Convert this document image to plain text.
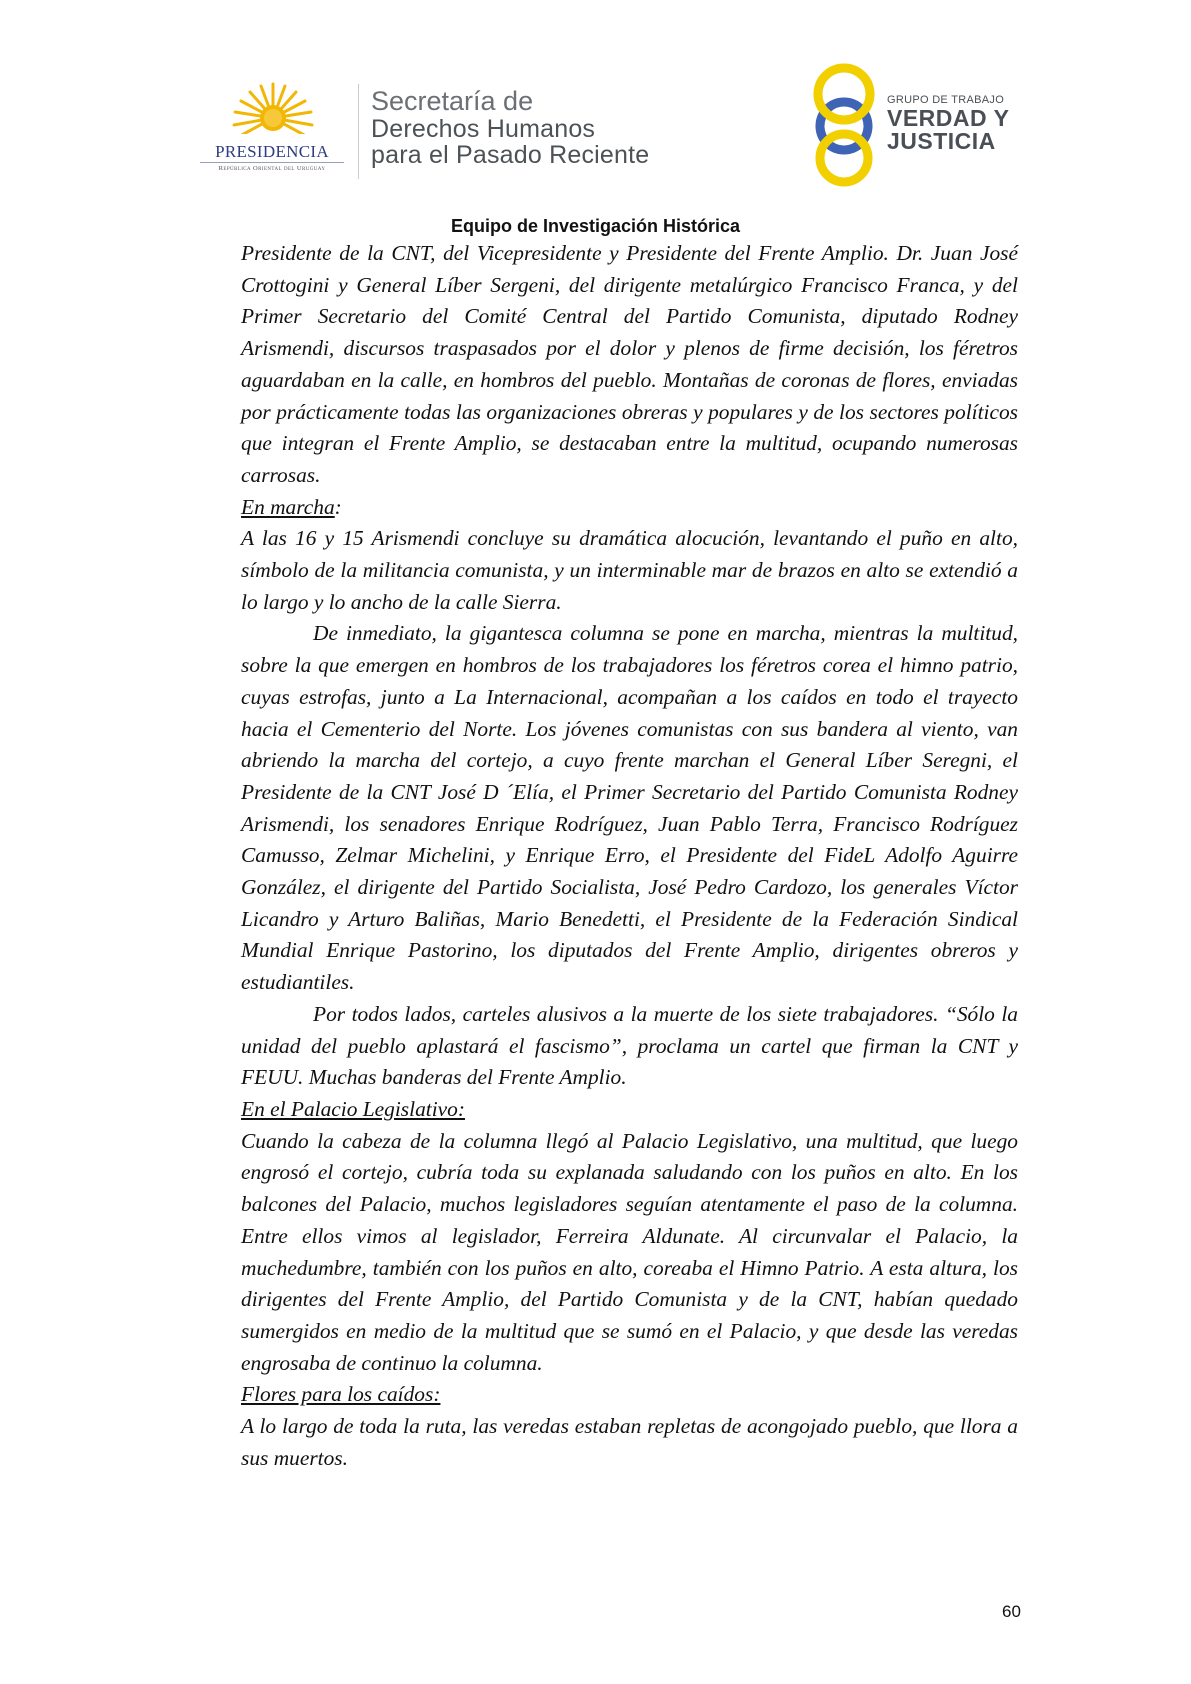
PRESIDENCIA
República Oriental del Uruguay
Secretaría de
Derechos Humanos
para el Pasado Reciente
GRUPO DE TRABAJO
VERDAD Y
JUSTICIA
Equipo de Investigación Histórica

Presidente de la CNT, del Vicepresidente y Presidente del Frente Amplio. Dr. Juan José Crottogini y General Líber Sergeni, del dirigente metalúrgico Francisco Franca, y del Primer Secretario del Comité Central del Partido Comunista, diputado Rodney Arismendi, discursos traspasados por el dolor y plenos de firme decisión, los féretros aguardaban en la calle, en hombros del pueblo. Montañas de coronas de flores, enviadas por prácticamente todas las organizaciones obreras y populares y de los sectores políticos que integran el Frente Amplio, se destacaban entre la multitud, ocupando numerosas carrosas.

En marcha:

A las 16 y 15 Arismendi concluye su dramática alocución, levantando el puño en alto, símbolo de la militancia comunista, y un interminable mar de brazos en alto se extendió a lo largo y lo ancho de la calle Sierra.

De inmediato, la gigantesca columna se pone en marcha, mientras la multitud, sobre la que emergen en hombros de los trabajadores los féretros corea el himno patrio, cuyas estrofas, junto a La Internacional, acompañan a los caídos en todo el trayecto hacia el Cementerio del Norte. Los jóvenes comunistas con sus bandera al viento, van abriendo la marcha del cortejo, a cuyo frente marchan el General Líber Seregni, el Presidente de la CNT José D ´Elía, el Primer Secretario del Partido Comunista Rodney Arismendi, los senadores Enrique Rodríguez, Juan Pablo Terra, Francisco Rodríguez Camusso, Zelmar Michelini, y Enrique Erro, el Presidente del FideL Adolfo Aguirre González, el dirigente del Partido Socialista, José Pedro Cardozo, los generales Víctor Licandro y Arturo Baliñas, Mario Benedetti, el Presidente de la Federación Sindical Mundial Enrique Pastorino, los diputados del Frente Amplio, dirigentes obreros y estudiantiles.

Por todos lados, carteles alusivos a la muerte de los siete trabajadores. “Sólo la unidad del pueblo aplastará el fascismo”, proclama un cartel que firman la CNT y FEUU. Muchas banderas del Frente Amplio.

En el Palacio Legislativo:

Cuando la cabeza de la columna llegó al Palacio Legislativo, una multitud, que luego engrosó el cortejo, cubría toda su explanada saludando con los puños en alto. En los balcones del Palacio, muchos legisladores seguían atentamente el paso de la columna. Entre ellos vimos al legislador, Ferreira Aldunate. Al circunvalar el Palacio, la muchedumbre, también con los puños en alto, coreaba el Himno Patrio. A esta altura, los dirigentes del Frente Amplio, del Partido Comunista y de la CNT, habían quedado sumergidos en medio de la multitud que se sumó en el Palacio, y que desde las veredas engrosaba de continuo la columna.

Flores para los caídos:

A lo largo de toda la ruta, las veredas estaban repletas de acongojado pueblo, que llora a sus muertos.

60
